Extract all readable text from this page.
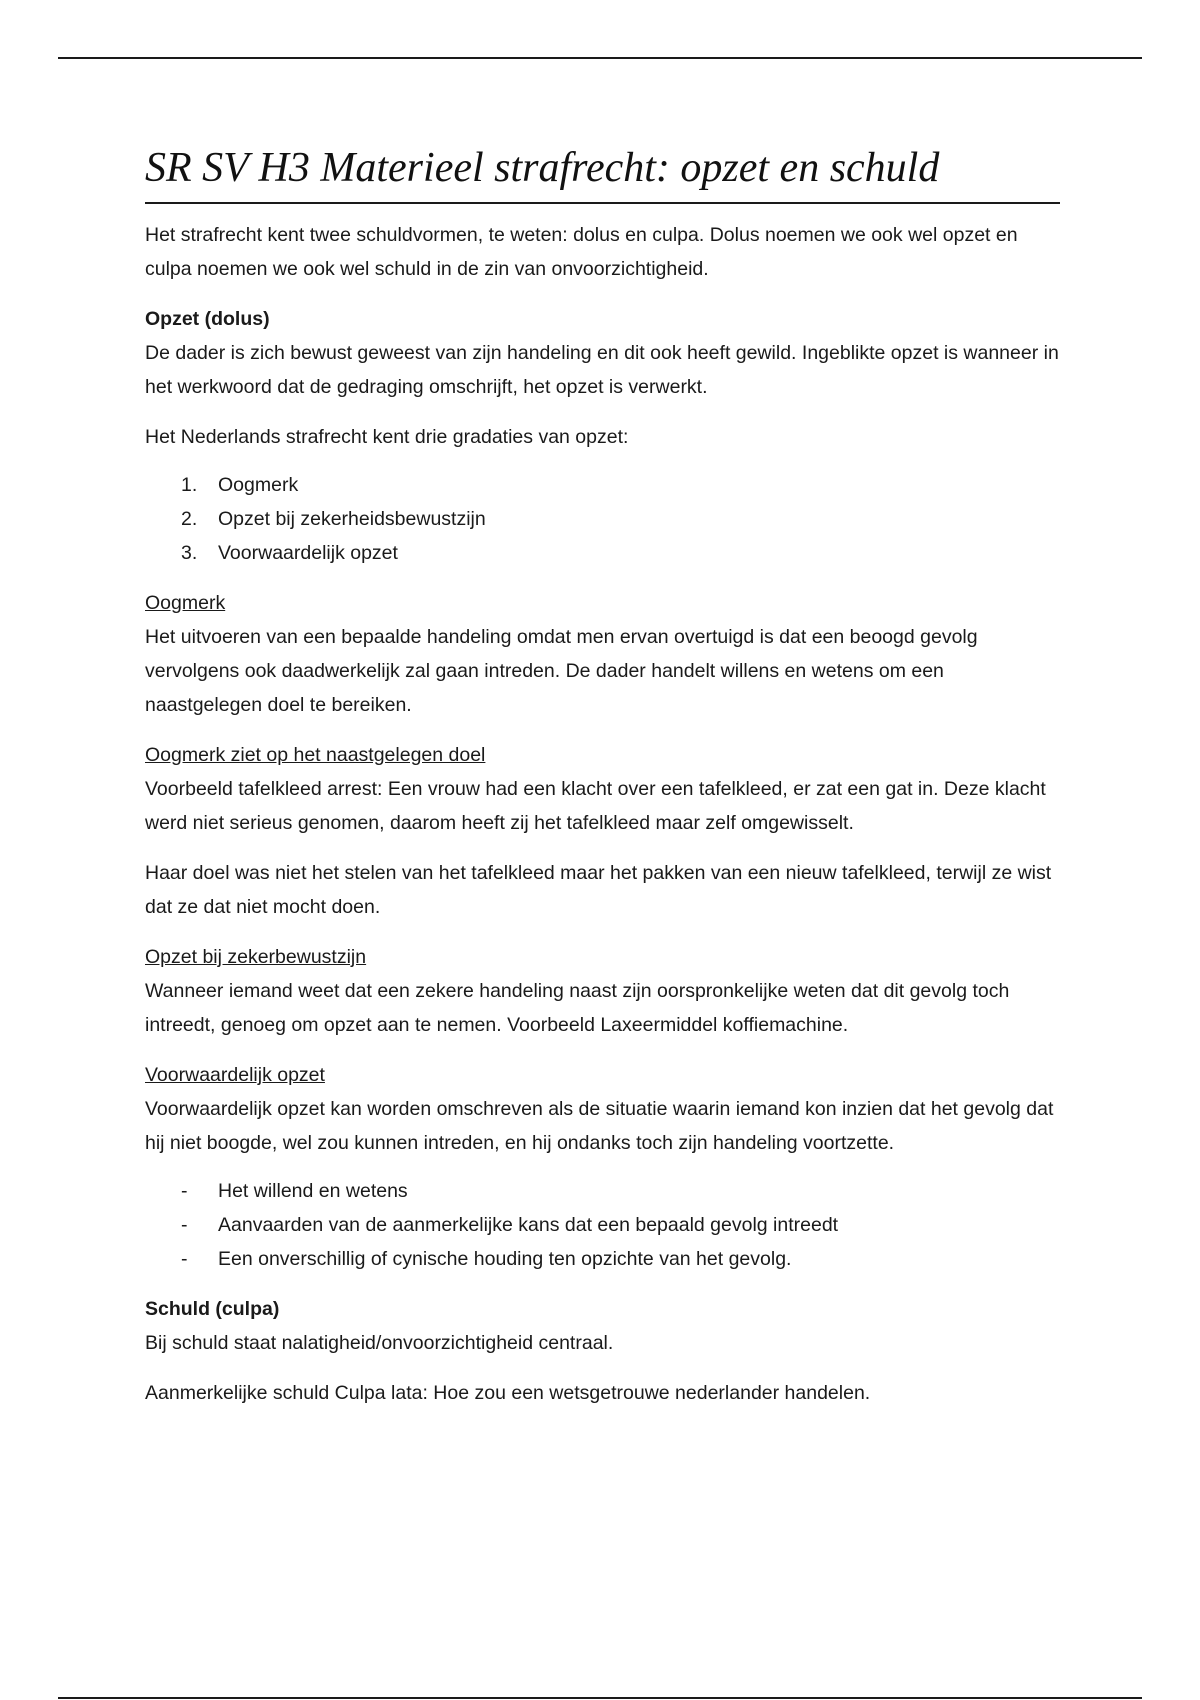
SR SV H3 Materieel strafrecht: opzet en schuld

Het strafrecht kent twee schuldvormen, te weten: dolus en culpa. Dolus noemen we ook wel opzet en culpa noemen we ook wel schuld in de zin van onvoorzichtigheid.

Opzet (dolus)

De dader is zich bewust geweest van zijn handeling en dit ook heeft gewild. Ingeblikte opzet is wanneer in het werkwoord dat de gedraging omschrijft, het opzet is verwerkt.

Het Nederlands strafrecht kent drie gradaties van opzet:

1.	Oogmerk
2.	Opzet bij zekerheidsbewustzijn
3.	Voorwaardelijk opzet

Oogmerk

Het uitvoeren van een bepaalde handeling omdat men ervan overtuigd is dat een beoogd gevolg vervolgens ook daadwerkelijk zal gaan intreden. De dader handelt willens en wetens om een naastgelegen doel te bereiken.

Oogmerk ziet op het naastgelegen doel

Voorbeeld tafelkleed arrest: Een vrouw had een klacht over een tafelkleed, er zat een gat in. Deze klacht werd niet serieus genomen, daarom heeft zij het tafelkleed maar zelf omgewisselt.

Haar doel was niet het stelen van het tafelkleed maar het pakken van een nieuw tafelkleed, terwijl ze wist dat ze dat niet mocht doen.

Opzet bij zekerbewustzijn

Wanneer iemand weet dat een zekere handeling naast zijn oorspronkelijke weten dat dit gevolg toch intreedt, genoeg om opzet aan te nemen. Voorbeeld Laxeermiddel koffiemachine.

Voorwaardelijk opzet

Voorwaardelijk opzet kan worden omschreven als de situatie waarin iemand kon inzien dat het gevolg dat hij niet boogde, wel zou kunnen intreden, en hij ondanks toch zijn handeling voortzette.

-	Het willend en wetens
-	Aanvaarden van de aanmerkelijke kans dat een bepaald gevolg intreedt
-	Een onverschillig of cynische houding ten opzichte van het gevolg.

Schuld (culpa)

Bij schuld staat nalatigheid/onvoorzichtigheid centraal.

Aanmerkelijke schuld Culpa lata: Hoe zou een wetsgetrouwe nederlander handelen.
